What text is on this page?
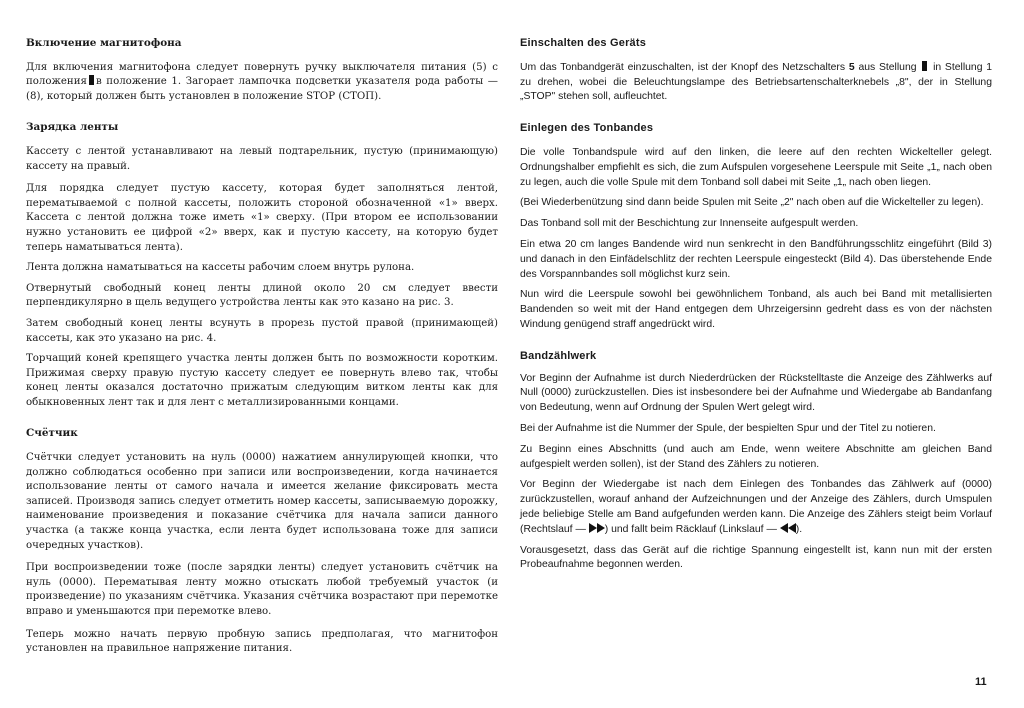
Включение магнитофона

Для включения магнитофона следует повернуть ручку выключателя питания (5) с положения в положение 1. Загорает лампочка подсветки указателя рода работы — (8), который должен быть установлен в положение STOP (СТОП).

Зарядка ленты

Кассету с лентой устанавливают на левый подтарельник, пустую (принимающую) кассету на правый.

Для порядка следует пустую кассету, которая будет заполняться лентой, перематываемой с полной кассеты, положить стороной обозначенной «1» вверх. Кассета с лентой должна тоже иметь «1» сверху. (При втором ее использовании нужно установить ее цифрой «2» вверх, как и пустую кассету, на которую будет теперь наматываться лента).

Лента должна наматываться на кассеты рабочим слоем внутрь рулона.

Отвернутый свободный конец ленты длиной около 20 см следует ввести перпендикулярно в щель ведущего устройства ленты как это казано на рис. 3.

Затем свободный конец ленты всунуть в прорезь пустой правой (принимающей) кассеты, как это указано на рис. 4.

Торчащий коней крепящего участка ленты должен быть по возможности коротким. Прижимая сверху правую пустую кассету следует ее повернуть влево так, чтобы конец ленты оказался достаточно прижатым следующим витком ленты как для обыкновенных лент так и для лент с металлизированными концами.

Счётчик

Счётчки следует установить на нуль (0000) нажатием аннулирующей кнопки, что должно соблюдаться особенно при записи или воспроизведении, когда начинается использование ленты от самого начала и имеется желание фиксировать места записей. Производя запись следует отметить номер кассеты, записываемую дорожку, наименование произведения и показание счётчика для начала записи данного участка (а также конца участка, если лента будет использована тоже для записи очередных участков).

При воспроизведении тоже (после зарядки ленты) следует установить счётчик на нуль (0000). Перематывая ленту можно отыскать любой требуемый участок (и произведение) по указаниям счётчика. Указания счётчика возрастают при перемотке вправо и уменьшаются при перемотке влево.

Теперь можно начать первую пробную запись предполагая, что магнитофон установлен на правильное напряжение питания.

Einschalten des Geräts

Um das Tonbandgerät einzuschalten, ist der Knopf des Netzschalters 5 aus Stellung in Stellung 1 zu drehen, wobei die Beleuchtungslampe des Betriebsartenschalterknebels „8", der in Stellung „STOP" stehen soll, aufleuchtet.

Einlegen des Tonbandes

Die volle Tonbandspule wird auf den linken, die leere auf den rechten Wickelteller gelegt. Ordnungshalber empfiehlt es sich, die zum Aufspulen vorgesehene Leerspule mit Seite „1„ nach oben zu legen, auch die volle Spule mit dem Tonband soll dabei mit Seite „1„ nach oben liegen.

(Bei Wiederbenützung sind dann beide Spulen mit Seite „2" nach oben auf die Wickelteller zu legen).

Das Tonband soll mit der Beschichtung zur Innenseite aufgespult werden.

Ein etwa 20 cm langes Bandende wird nun senkrecht in den Bandführungsschlitz eingeführt (Bild 3) und danach in den Einfädelschlitz der rechten Leerspule eingesteckt (Bild 4). Das überstehende Ende des Vorspannbandes soll möglichst kurz sein.

Nun wird die Leerspule sowohl bei gewöhnlichem Tonband, als auch bei Band mit metallisierten Bandenden so weit mit der Hand entgegen dem Uhrzeigersinn gedreht dass es von der nächsten Windung genügend straff angedrückt wird.

Bandzählwerk

Vor Beginn der Aufnahme ist durch Niederdrücken der Rückstelltaste die Anzeige des Zählwerks auf Null (0000) zurückzustellen. Dies ist insbesondere bei der Aufnahme und Wiedergabe ab Bandanfang von Bedeutung, wenn auf Ordnung der Spulen Wert gelegt wird.

Bei der Aufnahme ist die Nummer der Spule, der bespielten Spur und der Titel zu notieren.

Zu Beginn eines Abschnitts (und auch am Ende, wenn weitere Abschnitte am gleichen Band aufgespielt werden sollen), ist der Stand des Zählers zu notieren.

Vor Beginn der Wiedergabe ist nach dem Einlegen des Tonbandes das Zählwerk auf (0000) zurückzustellen, worauf anhand der Aufzeichnungen und der Anzeige des Zählers, durch Umspulen jede beliebige Stelle am Band aufgefunden werden kann. Die Anzeige des Zählers steigt beim Vorlauf (Rechtslauf — ) und fallt beim Räcklauf (Linkslauf — ).

Vorausgesetzt, dass das Gerät auf die richtige Spannung eingestellt ist, kann nun mit der ersten Probeaufnahme begonnen werden.

11
